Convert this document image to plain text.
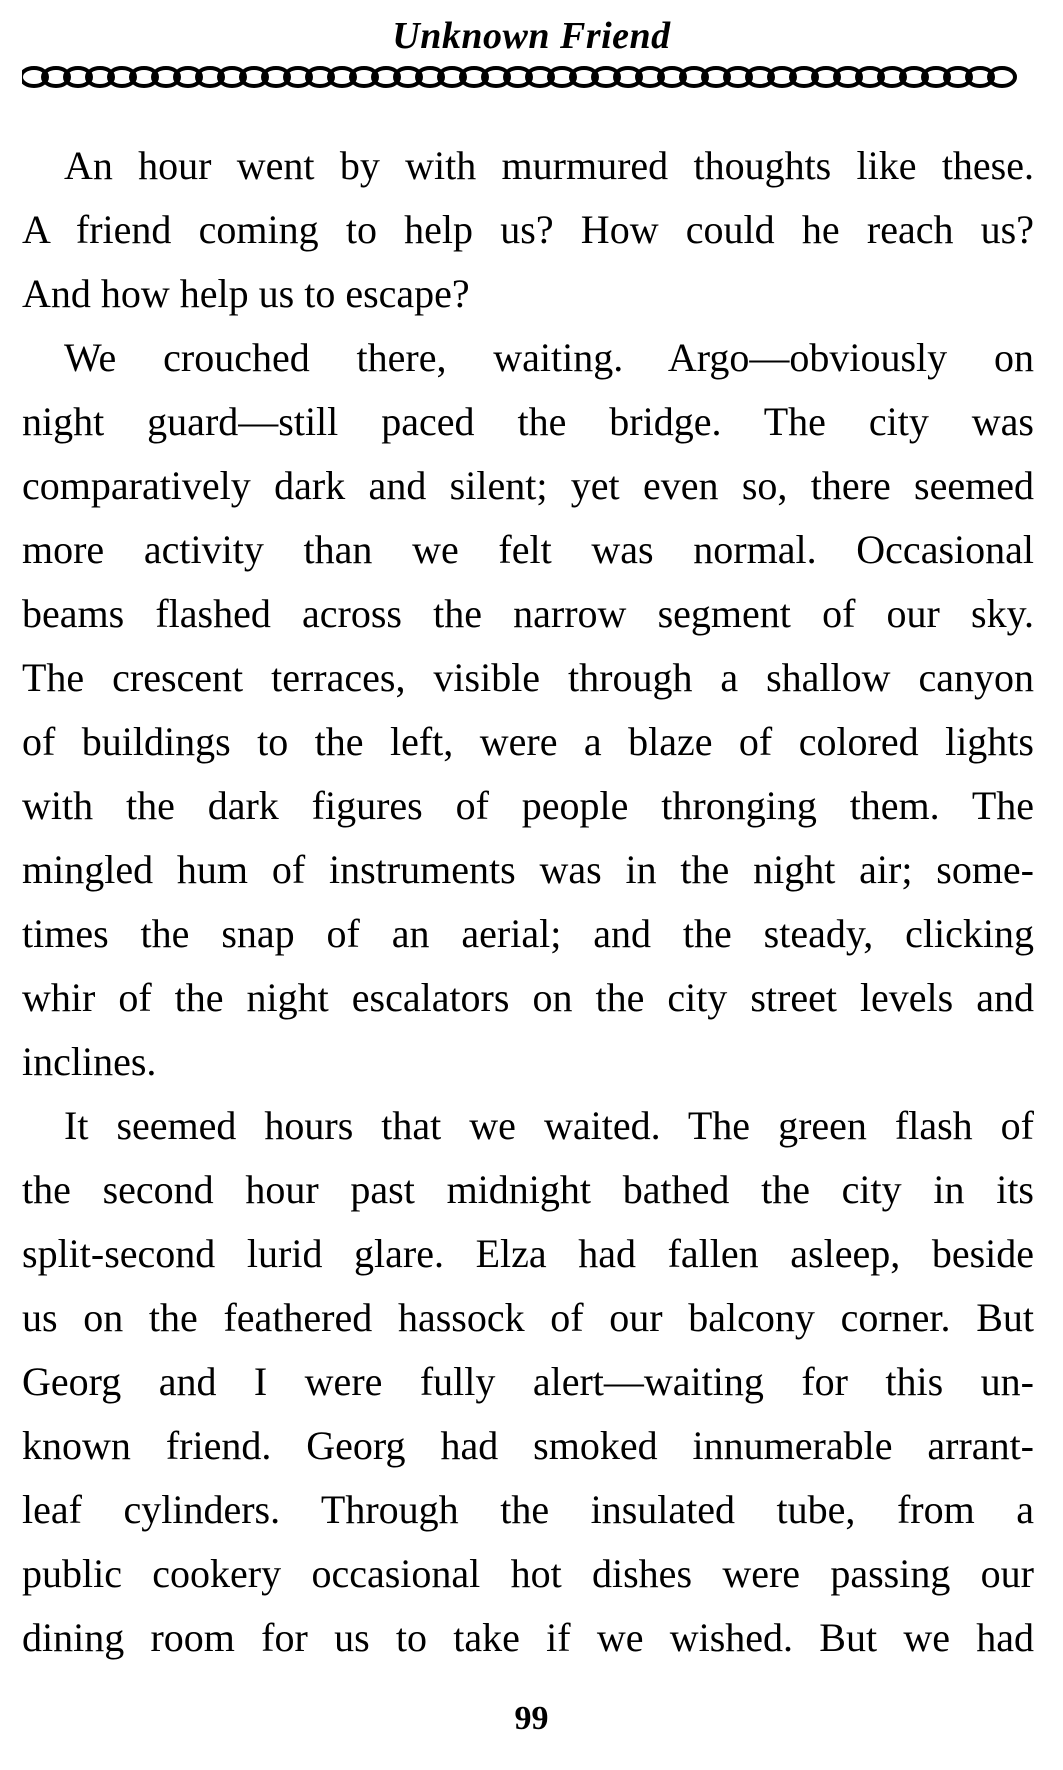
Unknown Friend
An hour went by with murmured thoughts like these.
A friend coming to help us? How could he reach us?
And how help us to escape?
We crouched there, waiting. Argo—obviously on
night guard—still paced the bridge. The city was
comparatively dark and silent; yet even so, there seemed
more activity than we felt was normal. Occasional
beams flashed across the narrow segment of our sky.
The crescent terraces, visible through a shallow canyon
of buildings to the left, were a blaze of colored lights
with the dark figures of people thronging them. The
mingled hum of instruments was in the night air; some-
times the snap of an aerial; and the steady, clicking
whir of the night escalators on the city street levels and
inclines.
It seemed hours that we waited. The green flash of
the second hour past midnight bathed the city in its
split-second lurid glare. Elza had fallen asleep, beside
us on the feathered hassock of our balcony corner. But
Georg and I were fully alert—waiting for this un-
known friend. Georg had smoked innumerable arrant-
leaf cylinders. Through the insulated tube, from a
public cookery occasional hot dishes were passing our
dining room for us to take if we wished. But we had
99
